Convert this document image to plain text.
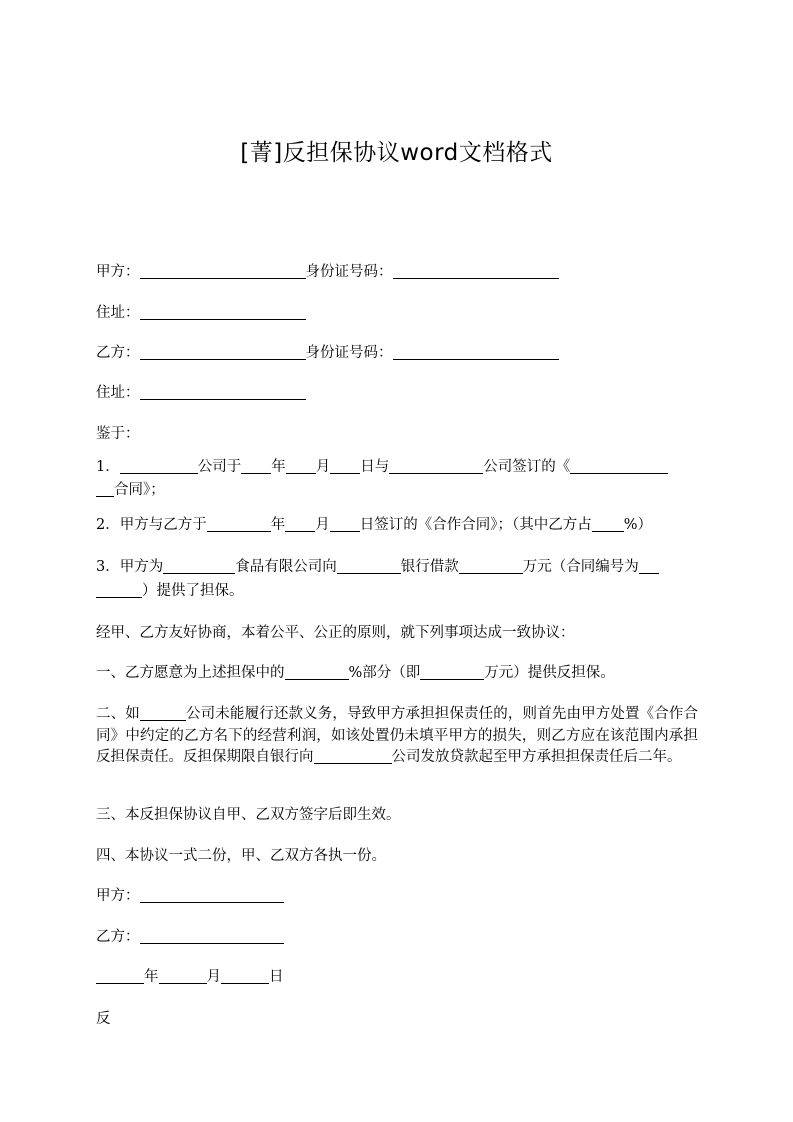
[菁]反担保协议word文档格式
甲方：	身份证号码：
住址：
乙方：	身份证号码：
住址：
鉴于：
1．	公司于 年 月 日与	公司签订的《
合同》；
2．甲方与乙方于	年 月 日签订的《合作合同》；（其中乙方占 %）
3．甲方为	食品有限公司向	银行借款	万元（合同编号为
）提供了担保。
经甲、乙方友好协商，本着公平、公正的原则，就下列事项达成一致协议：
一、乙方愿意为上述担保中的	%部分（即	万元）提供反担保。
二、如	公司未能履行还款义务，导致甲方承担担保责任的，则首先由甲方处置《合作合同》中约定的乙方名下的经营利润，如该处置仍未填平甲方的损失，则乙方应在该范围内承担反担保责任。反担保期限自银行向	公司发放贷款起至甲方承担担保责任后二年。
三、本反担保协议自甲、乙双方签字后即生效。
四、本协议一式二份，甲、乙双方各执一份。
甲方：
乙方：
年	月	日
反
